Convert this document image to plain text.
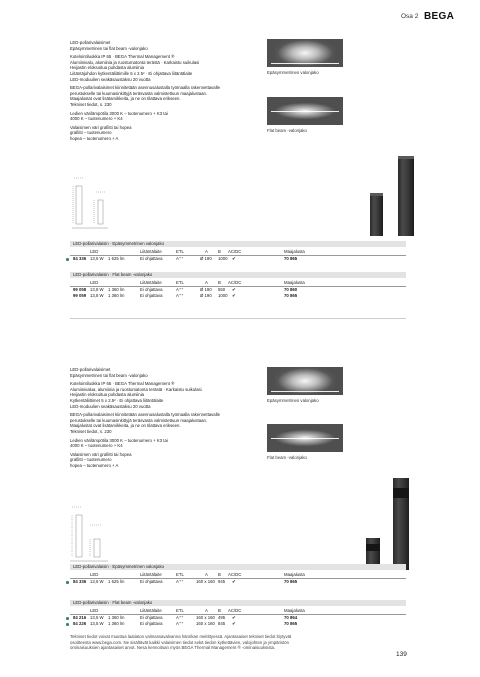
Osa 2 BEGA
LED-pollarivalaisimet
Epäsymmetrinen tai flat beam -valonjako
Kotelointiluokka IP 65 · BEGA Thermal Management ®
Alumiinivalu, alumiinia ja ruostumatonta terästä · Karkaistu suikulasi
Heijastin eloksoitua puhdasta alumiinia
Liitäntäjohdon kytkentäliittimille 5 x 2.5² · Ei ohjattava liitäntälaite
LED-moduulien seakäsaustaksu 20 vuotta
BEGA-pollarivalaisimet kiinnitetään asennusalustalla työmaalla rakennettavalle
perustukselle tai kuumasinkittyjä teräsvasta valmistettuun maajalustaan.
Maajalustat ovat lisätarvikkeita, ja ne on tilattava erikseen.
Tekniset tiedot, s. 230
Ledien värilämpötila 3000 K – tuotenumero + K3 tai
4000 K – tuotenumero + K4
Valaisimen väri grafiitti tai hopea
grafiitti – tuotenumero
hopea – tuotenumero + A
Epäsymmetrinen valonjako
Flat beam -valonjako
LED-pollarivalaisin · Epäsymmetrinen valonjako
LED	Liitäntälaite	ETL	A B AC/DC	Maajalusta
84 336 13,5 W 1 625 lm	Ei ohjattava	A⁺⁺	Ø 190 1000 ✔	70 865
LED-pollarivalaisin · Flat beam -valonjako
LED	Liitäntälaite	ETL	A B AC/DC	Maajalusta
99 058 13,8 W 1 360 lm	Ei ohjattava	A⁺⁺	Ø 190 550 ✔	70 860
99 059 13,8 W 1 360 lm	Ei ohjattava	A⁺⁺	Ø 190 1000 ✔	70 865
LED-pollarivalaisimet
Epäsymmetrinen tai flat beam -valonjako
Kotelointiluokka IP 65 · BEGA Thermal Management ®
Alumiinivalua, alumiinia ja ruostumatonta terästä · Karkaistu suikulasi
Heijastin eloksoitua puhdasta alumiinia
Kytkentäliittimet 5 x 2.5² · Ei ohjattava liitäntälaite
LED-moduulien seakäsaustaksu 20 vuotta
BEGA-pollarivalaisimet kiinnitetään asennusalustalla työmaalla rakennettavalle
perustukselle tai kuumasinkittyjä teräsvasta valmistettuun maajalustaan.
Maajalustat ovat lisätarvikkeita, ja ne on tilattava erikseen.
Tekniset tiedot, s. 230
Ledien värilämpötila 3000 K – tuotenumero + K3 tai
4000 K – tuotenumero + K4
Valaisimen väri grafiitti tai hopea
grafiitti – tuotenumero
hopea – tuotenumero + A
Epäsymmetrinen valonjako
Flat beam -valonjako
LED-pollarivalaisin · Epäsymmetrinen valonjako
LED	Liitäntälaite	ETL	A B AC/DC	Maajalusta
84 336 13,5 W 1 625 lm	Ei ohjattava	A⁺⁺	160 x 160 945 ✔	70 865
LED-pollarivalaisin · Flat beam -valonjako
LED	Liitäntälaite	ETL	A B AC/DC	Maajalusta
84 216 13,5 W 1 360 lm	Ei ohjattava	A⁺⁺	160 x 160 495 ✔	70 864
84 226 13,5 W 1 360 lm	Ei ohjattava	A⁺⁺	160 x 160 845 ✔	70 865
Tekniset tiedot voivat muuttua laatiaton valmassavalvanna hänrikan meitittyessä. Ajantasaiset tekniset tiedot löytyvät
osoitteesta www.bega.com. Ne sisältävät kaikki valaisimen tiedot sekä tiedon kytkettävien, valojohten ja ympäristön
ominaisuuksien ajantasaiset arvot. Nesa kennoitsan myös BEGA Thermal Management ® -ominaisuuksista.
139
